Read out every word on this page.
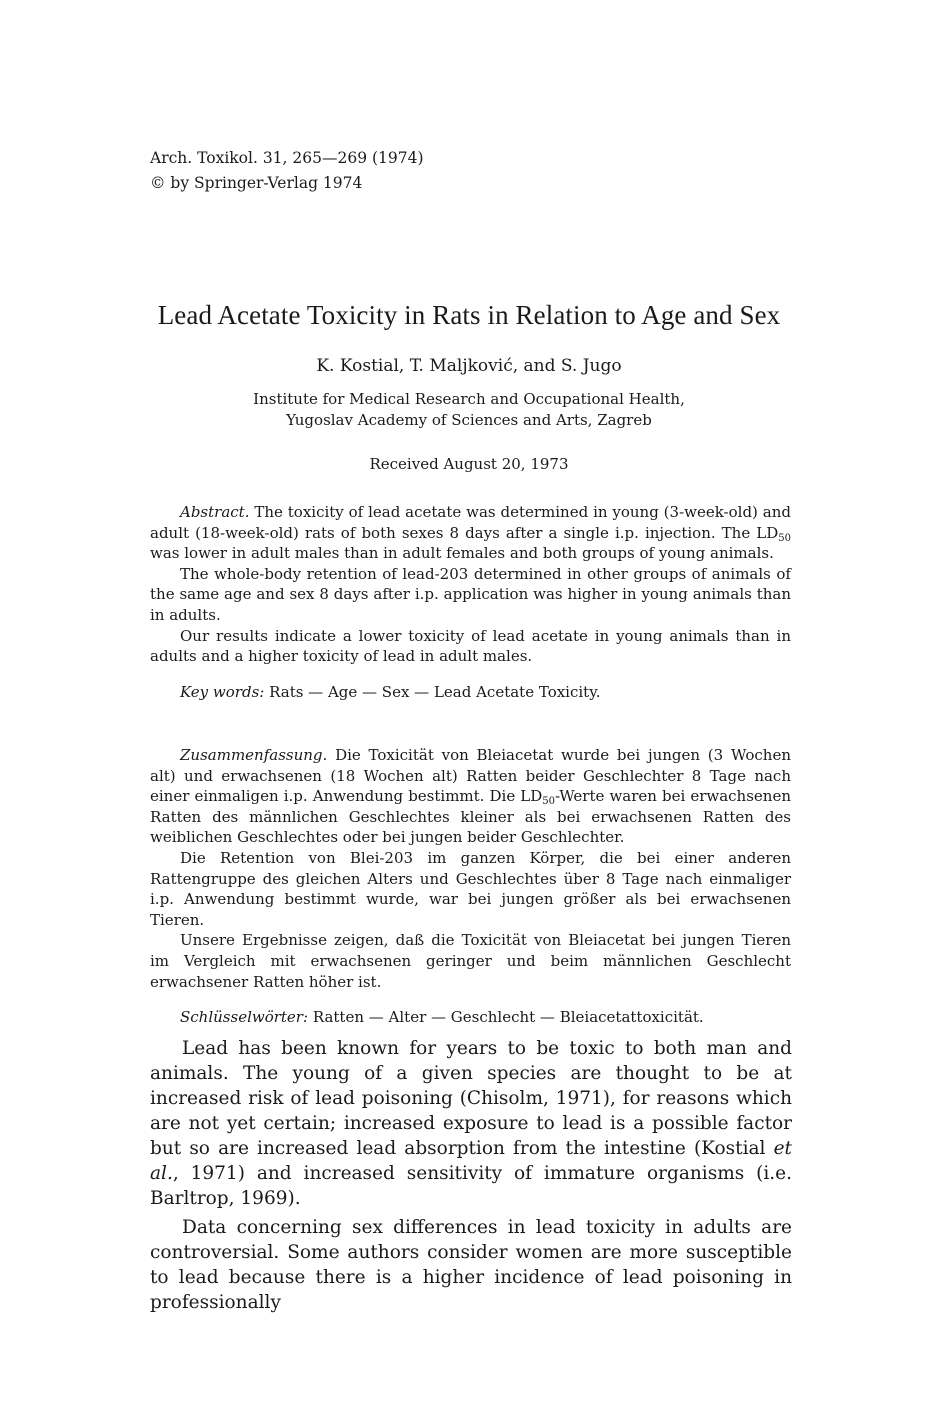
Arch. Toxikol. 31, 265—269 (1974)
© by Springer-Verlag 1974
Lead Acetate Toxicity in Rats in Relation to Age and Sex
K. Kostial, T. Maljković, and S. Jugo
Institute for Medical Research and Occupational Health,
Yugoslav Academy of Sciences and Arts, Zagreb
Received August 20, 1973

Abstract. The toxicity of lead acetate was determined in young (3-week-old) and adult (18-week-old) rats of both sexes 8 days after a single i.p. injection. The $LD_{50}$ was lower in adult males than in adult females and both groups of young animals.

The whole-body retention of lead-203 determined in other groups of animals of the same age and sex 8 days after i.p. application was higher in young animals than in adults.

Our results indicate a lower toxicity of lead acetate in young animals than in adults and a higher toxicity of lead in adult males.

Key words: Rats — Age — Sex — Lead Acetate Toxicity.

Zusammenfassung. Die Toxicität von Bleiacetat wurde bei jungen (3 Wochen alt) und erwachsenen (18 Wochen alt) Ratten beider Geschlechter 8 Tage nach einer einmaligen i.p. Anwendung bestimmt. Die $LD_{50}$-Werte waren bei erwachsenen Ratten des männlichen Geschlechtes kleiner als bei erwachsenen Ratten des weiblichen Geschlechtes oder bei jungen beider Geschlechter.

Die Retention von Blei-203 im ganzen Körper, die bei einer anderen Rattengruppe des gleichen Alters und Geschlechtes über 8 Tage nach einmaliger i.p. Anwendung bestimmt wurde, war bei jungen größer als bei erwachsenen Tieren.

Unsere Ergebnisse zeigen, daß die Toxicität von Bleiacetat bei jungen Tieren im Vergleich mit erwachsenen geringer und beim männlichen Geschlecht erwachsener Ratten höher ist.

Schlüsselwörter: Ratten — Alter — Geschlecht — Bleiacetattoxicität.

Lead has been known for years to be toxic to both man and animals. The young of a given species are thought to be at increased risk of lead poisoning (Chisolm, 1971), for reasons which are not yet certain; increased exposure to lead is a possible factor but so are increased lead absorption from the intestine (Kostial et al., 1971) and increased sensitivity of immature organisms (i.e. Barltrop, 1969).

Data concerning sex differences in lead toxicity in adults are controversial. Some authors consider women are more susceptible to lead because there is a higher incidence of lead poisoning in professionally
